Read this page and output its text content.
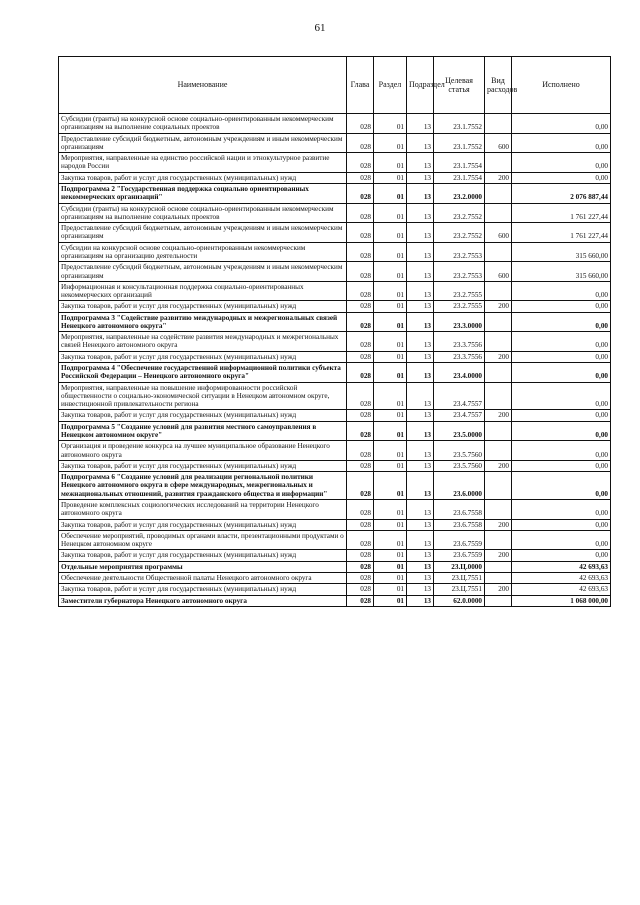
61
Наименование	Глава	Раздел	Подраздел	Целевая статья	Вид расходов	Исполнено
Субсидии (гранты) на конкурсной основе социально-ориентированным некоммерческим организациям на выполнение социальных проектов	028	01	13	23.1.7552		0,00
Предоставление субсидий бюджетным, автономным учреждениям и иным некоммерческим организациям	028	01	13	23.1.7552	600	0,00
Мероприятия, направленные на единство российской нации и этнокультурное развитие народов России	028	01	13	23.1.7554		0,00
Закупка товаров, работ и услуг для государственных (муниципальных) нужд	028	01	13	23.1.7554	200	0,00
Подпрограмма 2 "Государственная поддержка социально ориентированных некоммерческих организаций"	028	01	13	23.2.0000		2 076 887,44
Субсидии (гранты) на конкурсной основе социально-ориентированным некоммерческим организациям на выполнение социальных проектов	028	01	13	23.2.7552		1 761 227,44
Предоставление субсидий бюджетным, автономным учреждениям и иным некоммерческим организациям	028	01	13	23.2.7552	600	1 761 227,44
Субсидии на конкурсной основе социально-ориентированным некоммерческим организациям на организацию деятельности	028	01	13	23.2.7553		315 660,00
Предоставление субсидий бюджетным, автономным учреждениям и иным некоммерческим организациям	028	01	13	23.2.7553	600	315 660,00
Информационная и консультационная поддержка социально-ориентированных некоммерческих организаций	028	01	13	23.2.7555		0,00
Закупка товаров, работ и услуг для государственных (муниципальных) нужд	028	01	13	23.2.7555	200	0,00
Подпрограмма 3 "Содействие развитию международных и межрегиональных связей Ненецкого автономного округа"	028	01	13	23.3.0000		0,00
Мероприятия, направленные на содействие развития международных и межрегиональных связей Ненецкого автономного округа	028	01	13	23.3.7556		0,00
Закупка товаров, работ и услуг для государственных (муниципальных) нужд	028	01	13	23.3.7556	200	0,00
Подпрограмма 4 "Обеспечение государственной информационной политики субъекта Российской Федерации – Ненецкого автономного округа"	028	01	13	23.4.0000		0,00
Мероприятия, направленные на повышение информированности российской общественности о социально-экономической ситуации в Ненецком автономном округе, инвестиционной привлекательности региона	028	01	13	23.4.7557		0,00
Закупка товаров, работ и услуг для государственных (муниципальных) нужд	028	01	13	23.4.7557	200	0,00
Подпрограмма 5 "Создание условий для развития местного самоуправления в Ненецком автономном округе"	028	01	13	23.5.0000		0,00
Организация и проведение конкурса на лучшее муниципальное образование Ненецкого автономного округа	028	01	13	23.5.7560		0,00
Закупка товаров, работ и услуг для государственных (муниципальных) нужд	028	01	13	23.5.7560	200	0,00
Подпрограмма 6 "Создание условий для реализации региональной политики Ненецкого автономного округа в сфере международных, межрегиональных и межнациональных отношений, развития гражданского общества и информации"	028	01	13	23.6.0000		0,00
Проведение комплексных социологических исследований на территории Ненецкого автономного округа	028	01	13	23.6.7558		0,00
Закупка товаров, работ и услуг для государственных (муниципальных) нужд	028	01	13	23.6.7558	200	0,00
Обеспечение мероприятий, проводимых органами власти, презентационными продуктами о Ненецком автономном округе	028	01	13	23.6.7559		0,00
Закупка товаров, работ и услуг для государственных (муниципальных) нужд	028	01	13	23.6.7559	200	0,00
Отдельные мероприятия программы	028	01	13	23.Ц.0000		42 693,63
Обеспечение деятельности Общественной палаты Ненецкого автономного округа	028	01	13	23.Ц.7551		42 693,63
Закупка товаров, работ и услуг для государственных (муниципальных) нужд	028	01	13	23.Ц.7551	200	42 693,63
Заместители губернатора Ненецкого автономного округа	028	01	13	62.0.0000		1 068 000,00
